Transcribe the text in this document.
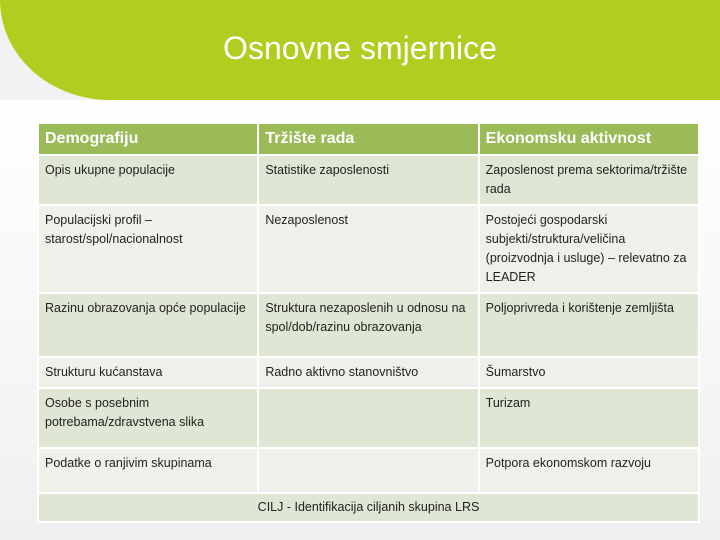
Osnovne smjernice
Demografiju	Tržište rada	Ekonomsku aktivnost
Opis ukupne populacije	Statistike zaposlenosti	Zaposlenost prema sektorima/tržište rada
Populacijski profil – starost/spol/nacionalnost	Nezaposlenost	Postojeći gospodarski subjekti/struktura/veličina (proizvodnja i usluge) – relevatno za LEADER
Razinu obrazovanja opće populacije	Struktura nezaposlenih u odnosu na spol/dob/razinu obrazovanja	Poljoprivreda i korištenje zemljišta
Strukturu kućanstava	Radno aktivno stanovništvo	Šumarstvo
Osobe s posebnim potrebama/zdravstvena slika		Turizam
Podatke o ranjivim skupinama		Potpora ekonomskom razvoju
CILJ - Identifikacija ciljanih skupina LRS		
